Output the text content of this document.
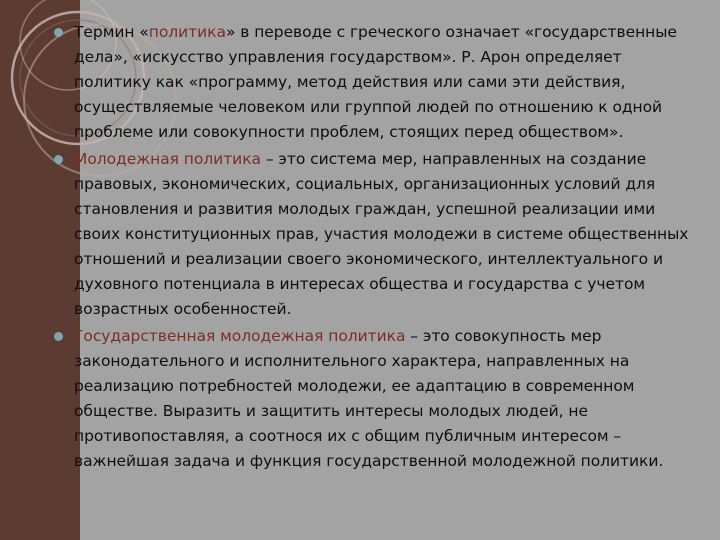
Термин «политика» в переводе с греческого означает «государственные дела», «искусство управления государством». Р. Арон определяет политику как «программу, метод действия или сами эти действия, осуществляемые человеком или группой людей по отношению к одной проблеме или совокупности проблем, стоящих перед обществом».
Молодежная политика – это система мер, направленных на создание правовых, экономических, социальных, организационных условий для становления и развития молодых граждан, успешной реализации ими своих конституционных прав, участия молодежи в системе общественных отношений и реализации своего экономического, интеллектуального и духовного потенциала в интересах общества и государства с учетом возрастных особенностей.
Государственная молодежная политика – это совокупность мер законодательного и исполнительного характера, направленных на реализацию потребностей молодежи, ее адаптацию в современном обществе. Выразить и защитить интересы молодых людей, не противопоставляя, а соотнося их с общим публичным интересом – важнейшая задача и функция государственной молодежной политики.
